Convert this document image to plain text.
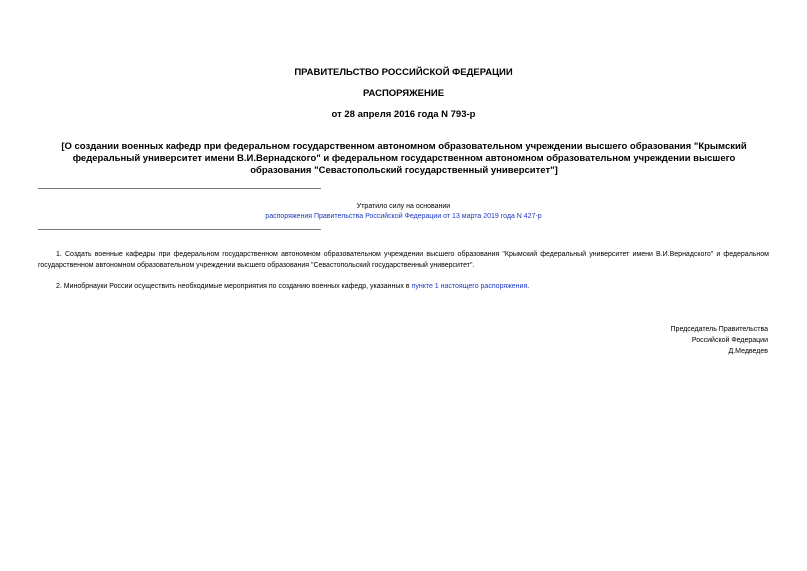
ПРАВИТЕЛЬСТВО РОССИЙСКОЙ ФЕДЕРАЦИИ
РАСПОРЯЖЕНИЕ
от 28 апреля 2016 года N 793-р
[О создании военных кафедр при федеральном государственном автономном образовательном учреждении высшего образования "Крымский федеральный университет имени В.И.Вернадского" и федеральном государственном автономном образовательном учреждении высшего образования "Севастопольский государственный университет"]
Утратило силу на основании
распоряжения Правительства Российской Федерации от 13 марта 2019 года N 427-р

1. Создать военные кафедры при федеральном государственном автономном образовательном учреждении высшего образования "Крымский федеральный университет имени В.И.Вернадского" и федеральном государственном автономном образовательном учреждении высшего образования "Севастопольский государственный университет".

2. Минобрнауки России осуществить необходимые мероприятия по созданию военных кафедр, указанных в пункте 1 настоящего распоряжения.

Председатель Правительства
Российской Федерации
Д.Медведев
